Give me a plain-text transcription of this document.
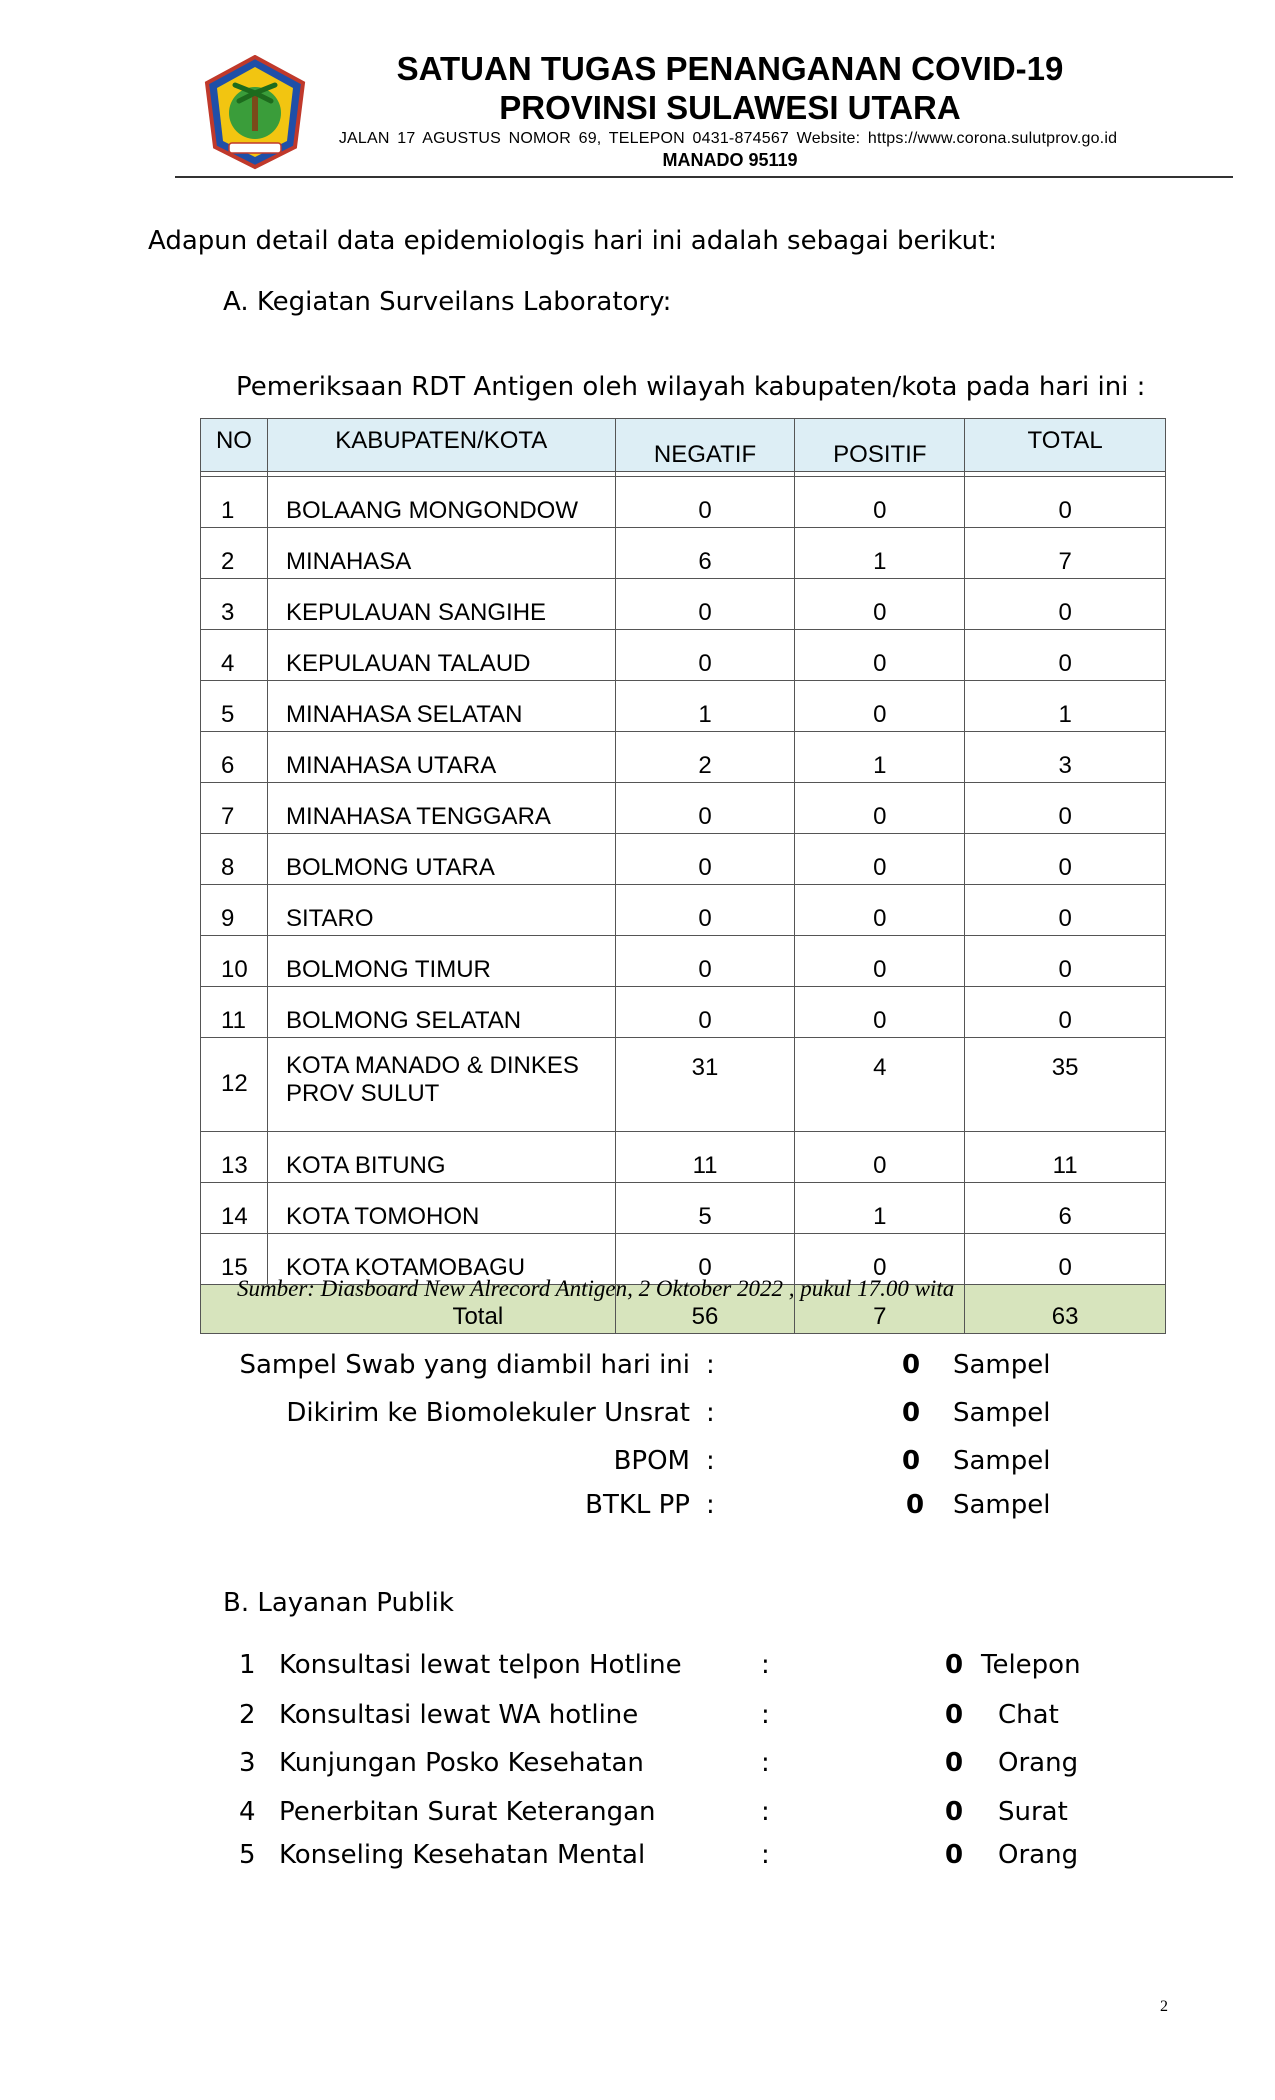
SATUAN TUGAS PENANGANAN COVID-19
PROVINSI SULAWESI UTARA
JALAN 17 AGUSTUS NOMOR 69, TELEPON 0431-874567 Website: https://www.corona.sulutprov.go.id
MANADO 95119
Adapun detail data epidemiologis hari ini adalah sebagai berikut:
A. Kegiatan Surveilans Laboratory:
Pemeriksaan RDT Antigen oleh wilayah kabupaten/kota pada hari ini :
NO	KABUPATEN/KOTA	NEGATIF	POSITIF	TOTAL

1	BOLAANG MONGONDOW	0	0	0
2	MINAHASA	6	1	7
3	KEPULAUAN SANGIHE	0	0	0
4	KEPULAUAN TALAUD	0	0	0
5	MINAHASA SELATAN	1	0	1
6	MINAHASA UTARA	2	1	3
7	MINAHASA TENGGARA	0	0	0
8	BOLMONG UTARA	0	0	0
9	SITARO	0	0	0
10	BOLMONG TIMUR	0	0	0
11	BOLMONG SELATAN	0	0	0
12	KOTA MANADO & DINKES PROV SULUT	31	4	35
13	KOTA BITUNG	11	0	11
14	KOTA TOMOHON	5	1	6
15	KOTA KOTAMOBAGU	0	0	0
Total		56	7	63
Sumber: Diasboard New Alrecord Antigen, 2 Oktober 2022 , pukul 17.00 wita
Sampel Swab yang diambil hari ini :	0 Sampel
Dikirim ke Biomolekuler Unsrat :	0 Sampel
BPOM :	0 Sampel
BTKL PP :	0 Sampel
B. Layanan Publik
1 Konsultasi lewat telpon Hotline	:	0 Telepon
2 Konsultasi lewat WA hotline	:	0 Chat
3 Kunjungan Posko Kesehatan	:	0 Orang
4 Penerbitan Surat Keterangan	:	0 Surat
5 Konseling Kesehatan Mental	:	0 Orang
2
